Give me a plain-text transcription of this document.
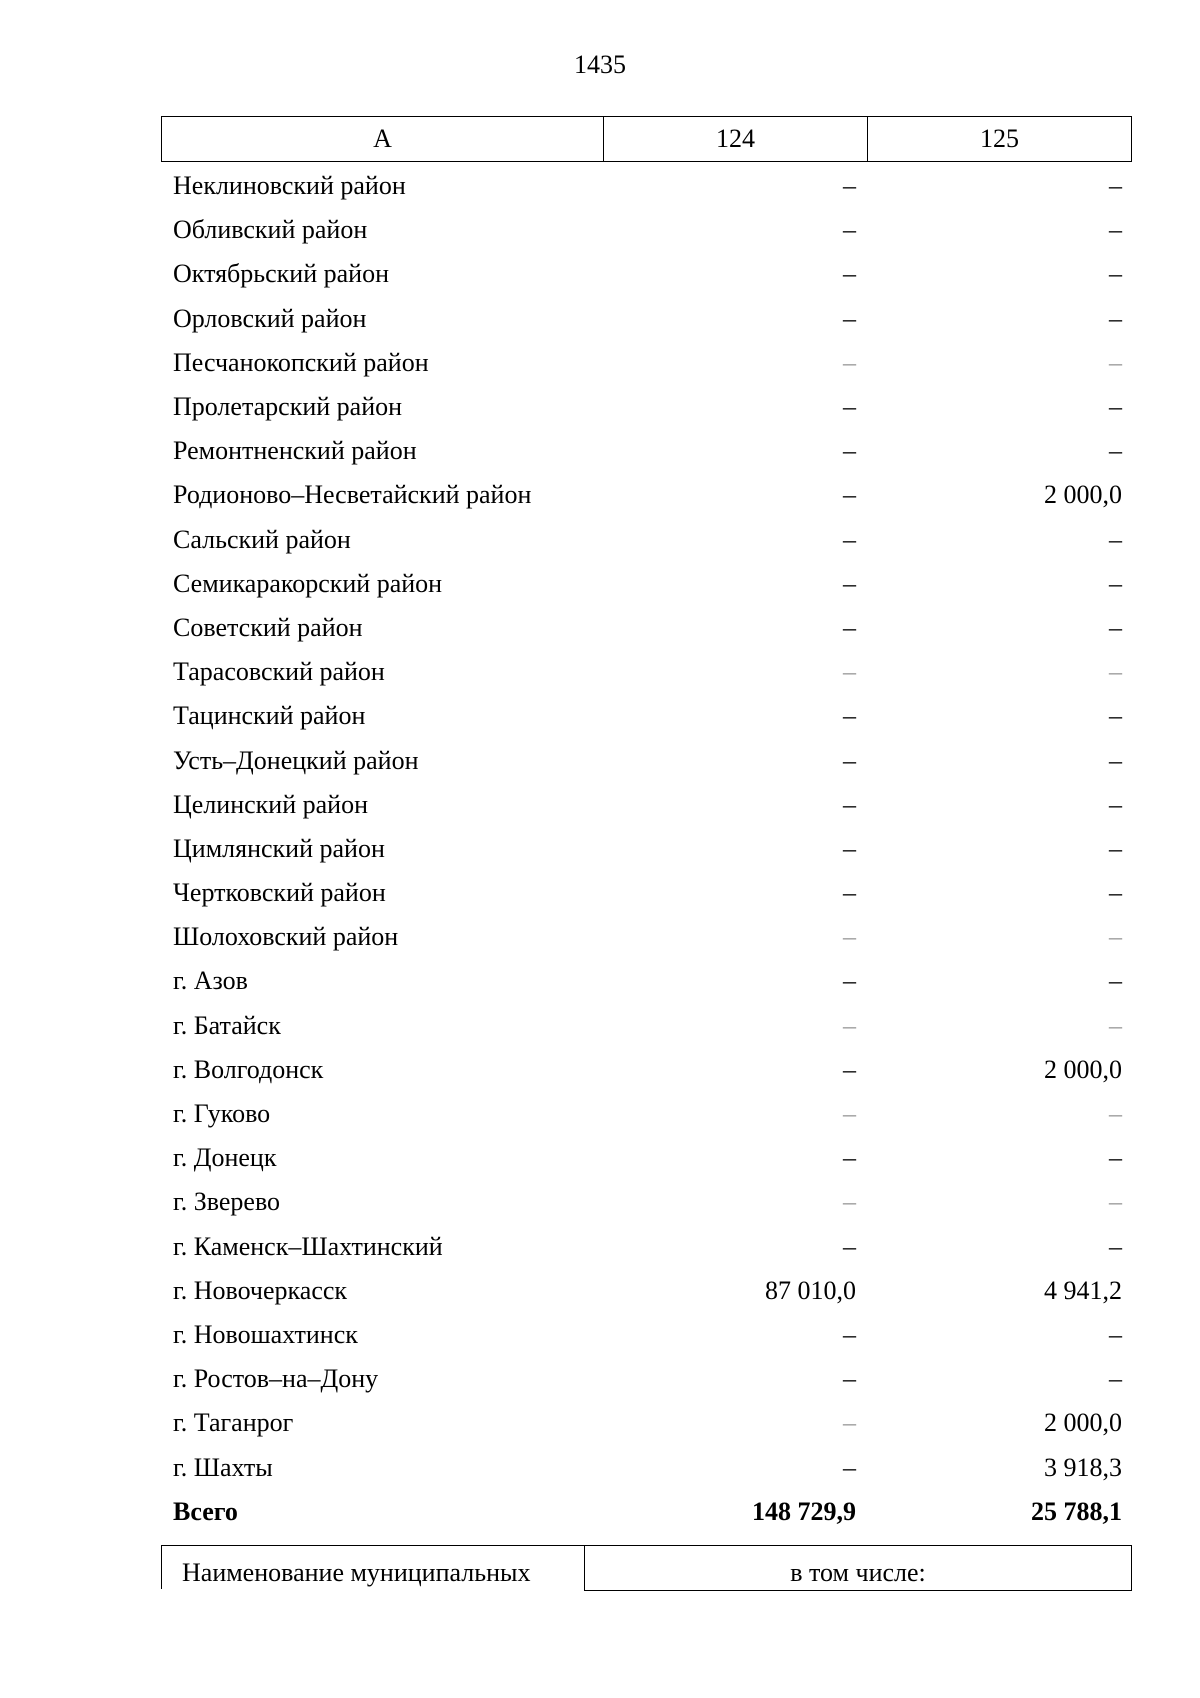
1435
А	124	125
Неклиновский район	–	–
Обливский район	–	–
Октябрьский район	–	–
Орловский район	–	–
Песчанокопский район	–	–
Пролетарский район	–	–
Ремонтненский район	–	–
Родионово–Несветайский район	–	2 000,0
Сальский район	–	–
Семикаракорский район	–	–
Советский район	–	–
Тарасовский район	–	–
Тацинский район	–	–
Усть–Донецкий район	–	–
Целинский район	–	–
Цимлянский район	–	–
Чертковский район	–	–
Шолоховский район	–	–
г. Азов	–	–
г. Батайск	–	–
г. Волгодонск	–	2 000,0
г. Гуково	–	–
г. Донецк	–	–
г. Зверево	–	–
г. Каменск–Шахтинский	–	–
г. Новочеркасск	87 010,0	4 941,2
г. Новошахтинск	–	–
г. Ростов–на–Дону	–	–
г. Таганрог	–	2 000,0
г. Шахты	–	3 918,3
Всего	148 729,9	25 788,1
Наименование муниципальных	в том числе:
